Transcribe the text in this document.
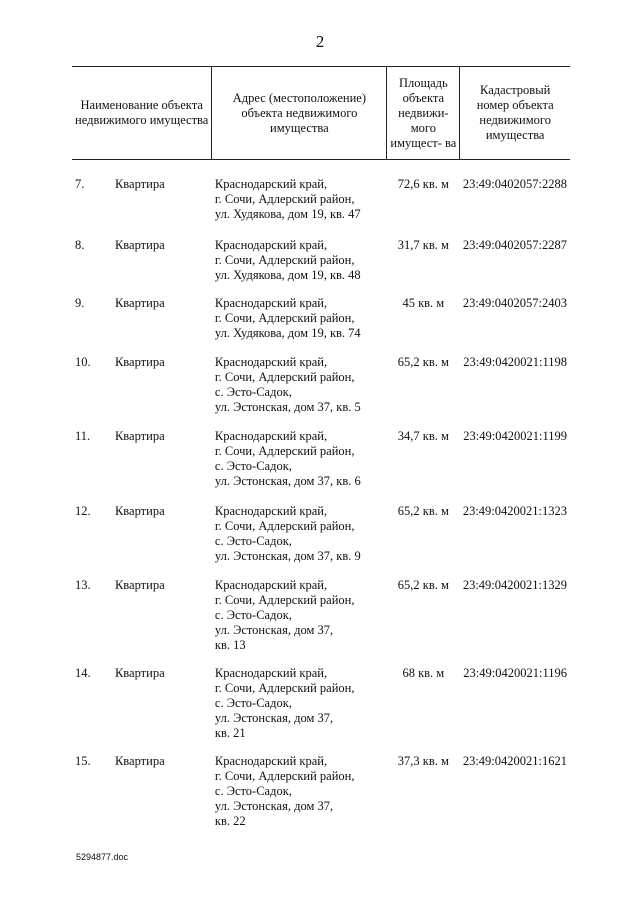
2
Наименование объекта недвижимого имущества		Адрес (местоположение) объекта недвижимого имущества	Площадь объекта недвижи- мого имущест- ва	Кадастровый номер объекта недвижимого имущества
7.	Квартира	Краснодарский край,
г. Сочи, Адлерский район,
ул. Худякова, дом 19, кв. 47	72,6 кв. м	23:49:0402057:2288
8.	Квартира	Краснодарский край,
г. Сочи, Адлерский район,
ул. Худякова, дом 19, кв. 48	31,7 кв. м	23:49:0402057:2287
9.	Квартира	Краснодарский край,
г. Сочи, Адлерский район,
ул. Худякова, дом 19, кв. 74	45 кв. м	23:49:0402057:2403
10.	Квартира	Краснодарский край,
г. Сочи, Адлерский район,
с. Эсто-Садок,
ул. Эстонская, дом 37, кв. 5	65,2 кв. м	23:49:0420021:1198
11.	Квартира	Краснодарский край,
г. Сочи, Адлерский район,
с. Эсто-Садок,
ул. Эстонская, дом 37, кв. 6	34,7 кв. м	23:49:0420021:1199
12.	Квартира	Краснодарский край,
г. Сочи, Адлерский район,
с. Эсто-Садок,
ул. Эстонская, дом 37, кв. 9	65,2 кв. м	23:49:0420021:1323
13.	Квартира	Краснодарский край,
г. Сочи, Адлерский район,
с. Эсто-Садок,
ул. Эстонская, дом 37,
кв. 13	65,2 кв. м	23:49:0420021:1329
14.	Квартира	Краснодарский край,
г. Сочи, Адлерский район,
с. Эсто-Садок,
ул. Эстонская, дом 37,
кв. 21	68 кв. м	23:49:0420021:1196
15.	Квартира	Краснодарский край,
г. Сочи, Адлерский район,
с. Эсто-Садок,
ул. Эстонская, дом 37,
кв. 22	37,3 кв. м	23:49:0420021:1621
5294877.doc
